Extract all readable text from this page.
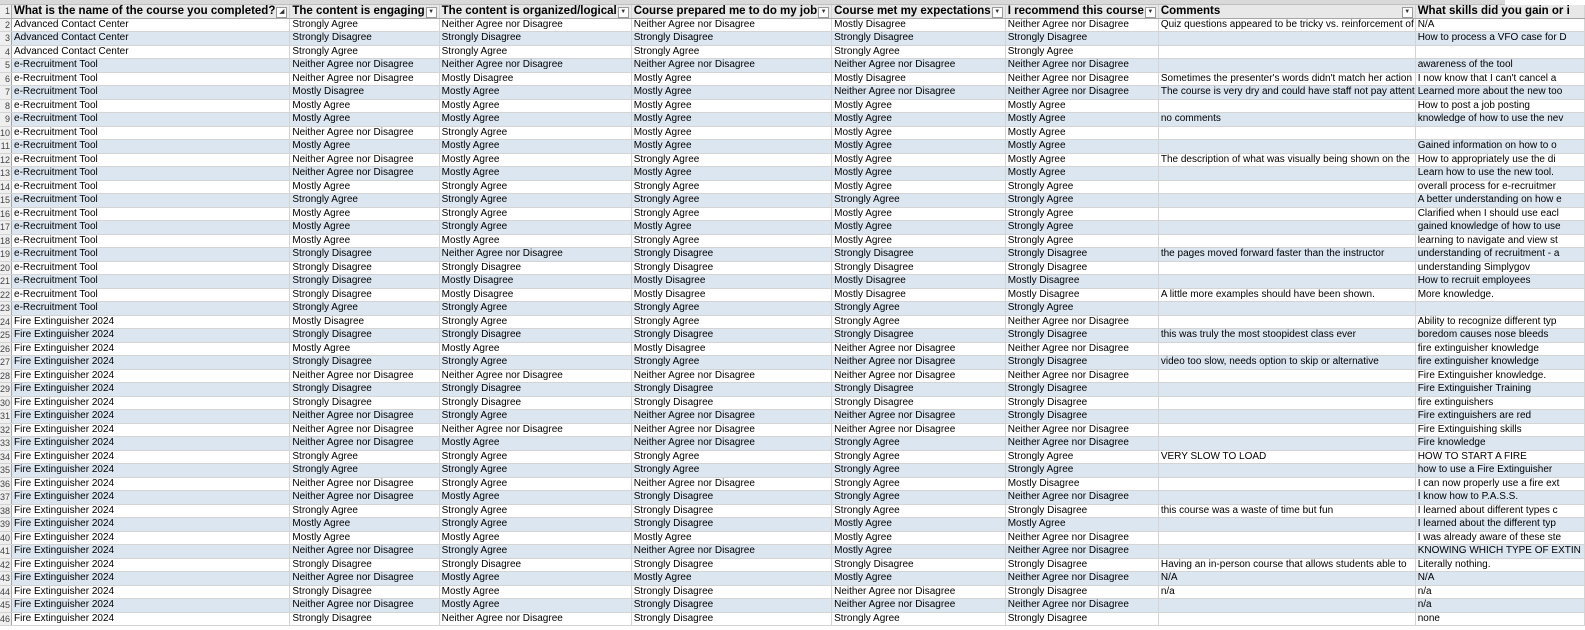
1	What is the name of the course you completed? ◢	The content is engaging ▼	The content is organized/logical ▼	Course prepared me to do my job ▼	Course met my expectations ▼	I recommend this course ▼	Comments ▼	What skills did you gain or i
2	Advanced Contact Center	Strongly Agree	Neither Agree nor Disagree	Neither Agree nor Disagree	Mostly Disagree	Neither Agree nor Disagree	Quiz questions appeared to be tricky vs. reinforcement of	N/A
3	Advanced Contact Center	Strongly Disagree	Strongly Disagree	Strongly Disagree	Strongly Disagree	Strongly Disagree		How to process a VFO case for D
4	Advanced Contact Center	Strongly Agree	Strongly Agree	Strongly Agree	Strongly Agree	Strongly Agree		
5	e-Recruitment Tool	Neither Agree nor Disagree	Neither Agree nor Disagree	Neither Agree nor Disagree	Neither Agree nor Disagree	Neither Agree nor Disagree		awareness of the tool
6	e-Recruitment Tool	Neither Agree nor Disagree	Mostly Disagree	Mostly Agree	Mostly Disagree	Neither Agree nor Disagree	Sometimes the presenter's words didn't match her action	I now know that I can't cancel a
7	e-Recruitment Tool	Mostly Disagree	Mostly Agree	Mostly Agree	Neither Agree nor Disagree	Neither Agree nor Disagree	The course is very dry and could have staff not pay attent	Learned more about the new too
8	e-Recruitment Tool	Mostly Agree	Mostly Agree	Mostly Agree	Mostly Agree	Mostly Agree		How to post a job posting
9	e-Recruitment Tool	Mostly Agree	Mostly Agree	Mostly Agree	Mostly Agree	Mostly Agree	no comments	knowledge of how to use the nev
10	e-Recruitment Tool	Neither Agree nor Disagree	Strongly Agree	Mostly Agree	Mostly Agree	Mostly Agree		
11	e-Recruitment Tool	Mostly Agree	Mostly Agree	Mostly Agree	Mostly Agree	Mostly Agree		Gained information on how to o
12	e-Recruitment Tool	Neither Agree nor Disagree	Mostly Agree	Strongly Agree	Mostly Agree	Mostly Agree	The description of what was visually being shown on the	How to appropriately use the di
13	e-Recruitment Tool	Neither Agree nor Disagree	Mostly Agree	Mostly Agree	Mostly Agree	Mostly Agree		Learn how to use the new tool.
14	e-Recruitment Tool	Mostly Agree	Strongly Agree	Strongly Agree	Mostly Agree	Strongly Agree		overall process for e-recruitmer
15	e-Recruitment Tool	Strongly Agree	Strongly Agree	Strongly Agree	Strongly Agree	Strongly Agree		A better understanding on how e
16	e-Recruitment Tool	Mostly Agree	Strongly Agree	Strongly Agree	Mostly Agree	Strongly Agree		Clarified when I should use eacl
17	e-Recruitment Tool	Mostly Agree	Strongly Agree	Mostly Agree	Mostly Agree	Strongly Agree		gained knowledge of how to use
18	e-Recruitment Tool	Mostly Agree	Mostly Agree	Strongly Agree	Mostly Agree	Strongly Agree		learning to navigate and view st
19	e-Recruitment Tool	Strongly Disagree	Neither Agree nor Disagree	Strongly Disagree	Strongly Disagree	Strongly Disagree	the pages moved forward faster than the instructor	understanding of recruitment - a
20	e-Recruitment Tool	Strongly Disagree	Strongly Disagree	Strongly Disagree	Strongly Disagree	Strongly Disagree		understanding Simplygov
21	e-Recruitment Tool	Strongly Disagree	Mostly Disagree	Mostly Disagree	Mostly Disagree	Mostly Disagree		How to recruit employees
22	e-Recruitment Tool	Strongly Disagree	Mostly Disagree	Mostly Disagree	Mostly Disagree	Mostly Disagree	A little more examples should have been shown.	More knowledge.
23	e-Recruitment Tool	Strongly Agree	Strongly Agree	Strongly Agree	Strongly Agree	Strongly Agree		
24	Fire Extinguisher 2024	Mostly Disagree	Strongly Agree	Strongly Agree	Strongly Agree	Neither Agree nor Disagree		Ability to recognize different typ
25	Fire Extinguisher 2024	Strongly Disagree	Strongly Disagree	Strongly Disagree	Strongly Disagree	Strongly Disagree	this was truly the most stoopidest class ever	boredom causes nose bleeds
26	Fire Extinguisher 2024	Mostly Agree	Mostly Agree	Mostly Disagree	Neither Agree nor Disagree	Neither Agree nor Disagree		fire extinguisher knowledge
27	Fire Extinguisher 2024	Strongly Disagree	Strongly Agree	Strongly Agree	Neither Agree nor Disagree	Strongly Disagree	video too slow, needs option to skip or alternative	fire extinguisher knowledge
28	Fire Extinguisher 2024	Neither Agree nor Disagree	Neither Agree nor Disagree	Neither Agree nor Disagree	Neither Agree nor Disagree	Neither Agree nor Disagree		Fire Extinguisher knowledge.
29	Fire Extinguisher 2024	Strongly Disagree	Strongly Disagree	Strongly Disagree	Strongly Disagree	Strongly Disagree		Fire Extinguisher Training
30	Fire Extinguisher 2024	Strongly Disagree	Strongly Disagree	Strongly Disagree	Strongly Disagree	Strongly Disagree		fire extinguishers
31	Fire Extinguisher 2024	Neither Agree nor Disagree	Strongly Agree	Neither Agree nor Disagree	Neither Agree nor Disagree	Strongly Disagree		Fire extinguishers are red
32	Fire Extinguisher 2024	Neither Agree nor Disagree	Neither Agree nor Disagree	Neither Agree nor Disagree	Neither Agree nor Disagree	Neither Agree nor Disagree		Fire Extinguishing skills
33	Fire Extinguisher 2024	Neither Agree nor Disagree	Mostly Agree	Neither Agree nor Disagree	Strongly Agree	Neither Agree nor Disagree		Fire knowledge
34	Fire Extinguisher 2024	Strongly Agree	Strongly Agree	Strongly Agree	Strongly Agree	Strongly Agree	VERY SLOW TO LOAD	HOW TO START A FIRE
35	Fire Extinguisher 2024	Strongly Agree	Strongly Agree	Strongly Agree	Strongly Agree	Strongly Agree		how to use a Fire Extinguisher
36	Fire Extinguisher 2024	Neither Agree nor Disagree	Strongly Agree	Neither Agree nor Disagree	Strongly Agree	Mostly Disagree		I can now properly use a fire ext
37	Fire Extinguisher 2024	Neither Agree nor Disagree	Mostly Agree	Strongly Disagree	Strongly Agree	Neither Agree nor Disagree		I know how to P.A.S.S.
38	Fire Extinguisher 2024	Strongly Agree	Strongly Agree	Strongly Disagree	Strongly Agree	Strongly Disagree	this course was a waste of time but fun	I learned about different types c
39	Fire Extinguisher 2024	Mostly Agree	Strongly Agree	Strongly Disagree	Mostly Agree	Mostly Agree		I learned about the different typ
40	Fire Extinguisher 2024	Mostly Agree	Mostly Agree	Mostly Agree	Mostly Agree	Neither Agree nor Disagree		I was already aware of these ste
41	Fire Extinguisher 2024	Neither Agree nor Disagree	Strongly Agree	Neither Agree nor Disagree	Mostly Agree	Neither Agree nor Disagree		KNOWING WHICH TYPE OF EXTIN
42	Fire Extinguisher 2024	Strongly Disagree	Strongly Disagree	Strongly Disagree	Strongly Disagree	Strongly Disagree	Having an in-person course that allows students able to	Literally nothing.
43	Fire Extinguisher 2024	Neither Agree nor Disagree	Mostly Agree	Mostly Agree	Mostly Agree	Neither Agree nor Disagree	N/A	N/A
44	Fire Extinguisher 2024	Strongly Disagree	Mostly Agree	Strongly Disagree	Neither Agree nor Disagree	Strongly Disagree	n/a	n/a
45	Fire Extinguisher 2024	Neither Agree nor Disagree	Mostly Agree	Strongly Disagree	Neither Agree nor Disagree	Neither Agree nor Disagree		n/a
46	Fire Extinguisher 2024	Strongly Disagree	Neither Agree nor Disagree	Strongly Disagree	Strongly Agree	Strongly Disagree		none
